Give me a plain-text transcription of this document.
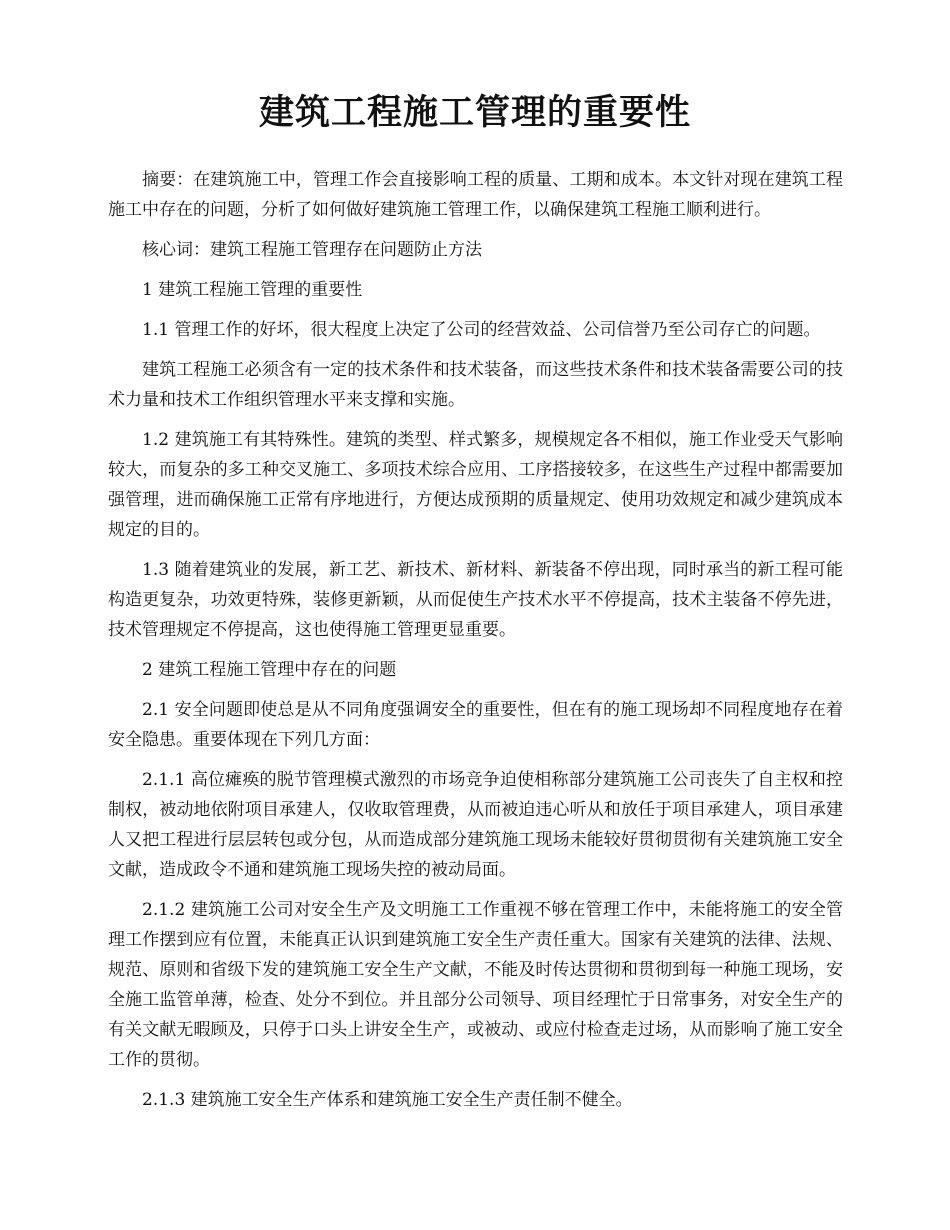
建筑工程施工管理的重要性

摘要：在建筑施工中，管理工作会直接影响工程的质量、工期和成本。本文针对现在建筑工程施工中存在的问题，分析了如何做好建筑施工管理工作，以确保建筑工程施工顺利进行。

核心词：建筑工程施工管理存在问题防止方法

1 建筑工程施工管理的重要性

1.1 管理工作的好坏，很大程度上决定了公司的经营效益、公司信誉乃至公司存亡的问题。

建筑工程施工必须含有一定的技术条件和技术装备，而这些技术条件和技术装备需要公司的技术力量和技术工作组织管理水平来支撑和实施。

1.2 建筑施工有其特殊性。建筑的类型、样式繁多，规模规定各不相似，施工作业受天气影响较大，而复杂的多工种交叉施工、多项技术综合应用、工序搭接较多，在这些生产过程中都需要加强管理，进而确保施工正常有序地进行，方便达成预期的质量规定、使用功效规定和减少建筑成本规定的目的。

1.3 随着建筑业的发展，新工艺、新技术、新材料、新装备不停出现，同时承当的新工程可能构造更复杂，功效更特殊，装修更新颖，从而促使生产技术水平不停提高，技术主装备不停先进，技术管理规定不停提高，这也使得施工管理更显重要。

2 建筑工程施工管理中存在的问题

2.1 安全问题即使总是从不同角度强调安全的重要性，但在有的施工现场却不同程度地存在着安全隐患。重要体现在下列几方面：

2.1.1 高位瘫痪的脱节管理模式激烈的市场竞争迫使相称部分建筑施工公司丧失了自主权和控制权，被动地依附项目承建人，仅收取管理费，从而被迫违心听从和放任于项目承建人，项目承建人又把工程进行层层转包或分包，从而造成部分建筑施工现场未能较好贯彻贯彻有关建筑施工安全文献，造成政令不通和建筑施工现场失控的被动局面。

2.1.2 建筑施工公司对安全生产及文明施工工作重视不够在管理工作中，未能将施工的安全管理工作摆到应有位置，未能真正认识到建筑施工安全生产责任重大。国家有关建筑的法律、法规、规范、原则和省级下发的建筑施工安全生产文献，不能及时传达贯彻和贯彻到每一种施工现场，安全施工监管单薄，检查、处分不到位。并且部分公司领导、项目经理忙于日常事务，对安全生产的有关文献无暇顾及，只停于口头上讲安全生产，或被动、或应付检查走过场，从而影响了施工安全工作的贯彻。

2.1.3 建筑施工安全生产体系和建筑施工安全生产责任制不健全。
